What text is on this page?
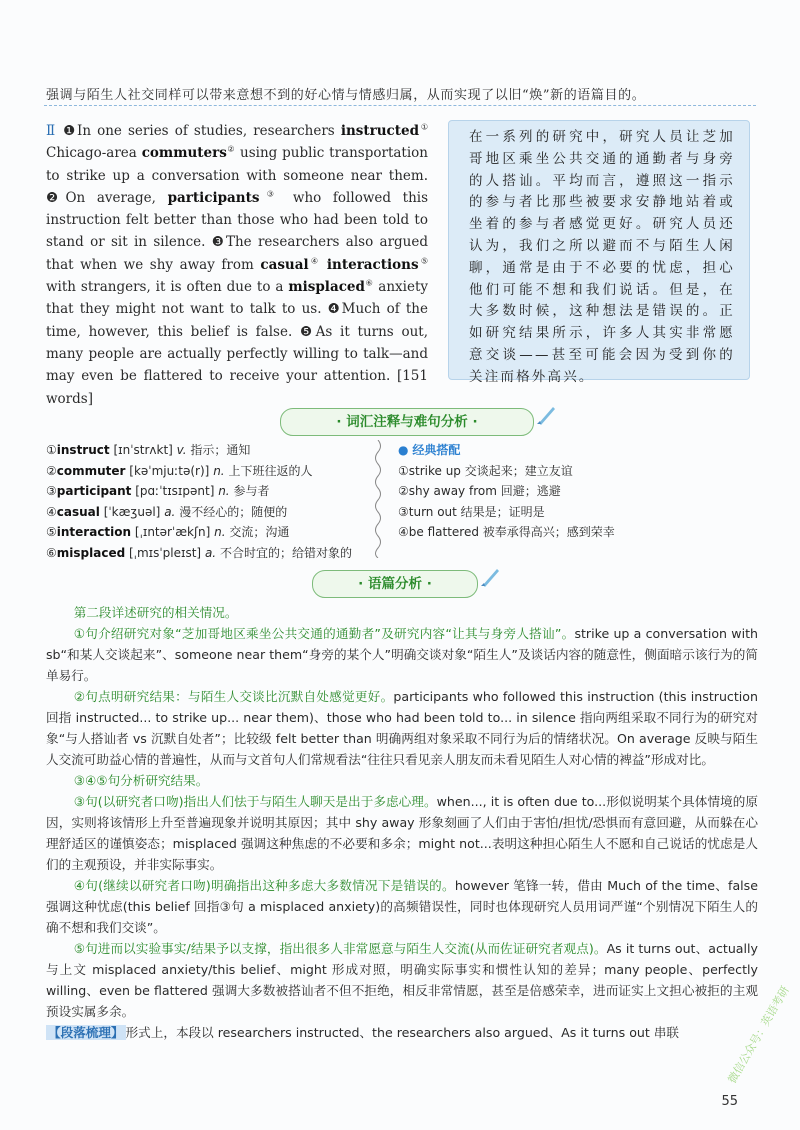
强调与陌生人社交同样可以带来意想不到的好心情与情感归属，从而实现了以旧“焕”新的语篇目的。
Ⅱ ❶In one series of studies, researchers instructed① Chicago-area commuters② using public transportation to strike up a conversation with someone near them. ❷On average, participants③ who followed this instruction felt better than those who had been told to stand or sit in silence. ❸The researchers also argued that when we shy away from casual④ interactions⑤ with strangers, it is often due to a misplaced⑥ anxiety that they might not want to talk to us. ❹Much of the time, however, this belief is false. ❺As it turns out, many people are actually perfectly willing to talk—and may even be flattered to receive your attention. [151 words]
在一系列的研究中，研究人员让芝加哥地区乘坐公共交通的通勤者与身旁的人搭讪。平均而言，遵照这一指示的参与者比那些被要求安静地站着或坐着的参与者感觉更好。研究人员还认为，我们之所以避而不与陌生人闲聊，通常是由于不必要的忧虑，担心他们可能不想和我们说话。但是，在大多数时候，这种想法是错误的。正如研究结果所示，许多人其实非常愿意交谈——甚至可能会因为受到你的关注而格外高兴。
· 词汇注释与难句分析 ·
①instruct [ɪnˈstrʌkt] v. 指示；通知
②commuter [kəˈmjuːtə(r)] n. 上下班往返的人
③participant [pɑːˈtɪsɪpənt] n. 参与者
④casual [ˈkæʒuəl] a. 漫不经心的；随便的
⑤interaction [ˌɪntərˈækʃn] n. 交流；沟通
⑥misplaced [ˌmɪsˈpleɪst] a. 不合时宜的；给错对象的
● 经典搭配
①strike up 交谈起来；建立友谊
②shy away from 回避；逃避
③turn out 结果是；证明是
④be flattered 被奉承得高兴；感到荣幸
· 语篇分析 ·
第二段详述研究的相关情况。

①句介绍研究对象“芝加哥地区乘坐公共交通的通勤者”及研究内容“让其与身旁人搭讪”。strike up a conversation with sb“和某人交谈起来”、someone near them“身旁的某个人”明确交谈对象“陌生人”及谈话内容的随意性，侧面暗示该行为的简单易行。

②句点明研究结果：与陌生人交谈比沉默自处感觉更好。participants who followed this instruction (this instruction 回指 instructed... to strike up... near them)、those who had been told to... in silence 指向两组采取不同行为的研究对象“与人搭讪者 vs 沉默自处者”；比较级 felt better than 明确两组对象采取不同行为后的情绪状况。On average 反映与陌生人交流可助益心情的普遍性，从而与文首句人们常规看法“往往只看见亲人朋友而未看见陌生人对心情的裨益”形成对比。

③④⑤句分析研究结果。

③句(以研究者口吻)指出人们怯于与陌生人聊天是出于多虑心理。when..., it is often due to...形似说明某个具体情境的原因，实则将该情形上升至普遍现象并说明其原因；其中 shy away 形象刻画了人们由于害怕/担忧/恐惧而有意回避，从而躲在心理舒适区的谨慎姿态；misplaced 强调这种焦虑的不必要和多余；might not...表明这种担心陌生人不愿和自己说话的忧虑是人们的主观预设，并非实际事实。

④句(继续以研究者口吻)明确指出这种多虑大多数情况下是错误的。however 笔锋一转，借由 Much of the time、false 强调这种忧虑(this belief 回指③句 a misplaced anxiety)的高频错误性，同时也体现研究人员用词严谨“个别情况下陌生人的确不想和我们交谈”。

⑤句进而以实验事实/结果予以支撑，指出很多人非常愿意与陌生人交流(从而佐证研究者观点)。As it turns out、actually 与上文 misplaced anxiety/this belief、might 形成对照，明确实际事实和惯性认知的差异；many people、perfectly willing、even be flattered 强调大多数被搭讪者不但不拒绝，相反非常情愿，甚至是倍感荣幸，进而证实上文担心被拒的主观预设实属多余。

【段落梳理】 形式上，本段以 researchers instructed、the researchers also argued、As it turns out 串联

55
微信公众号：英语考研
